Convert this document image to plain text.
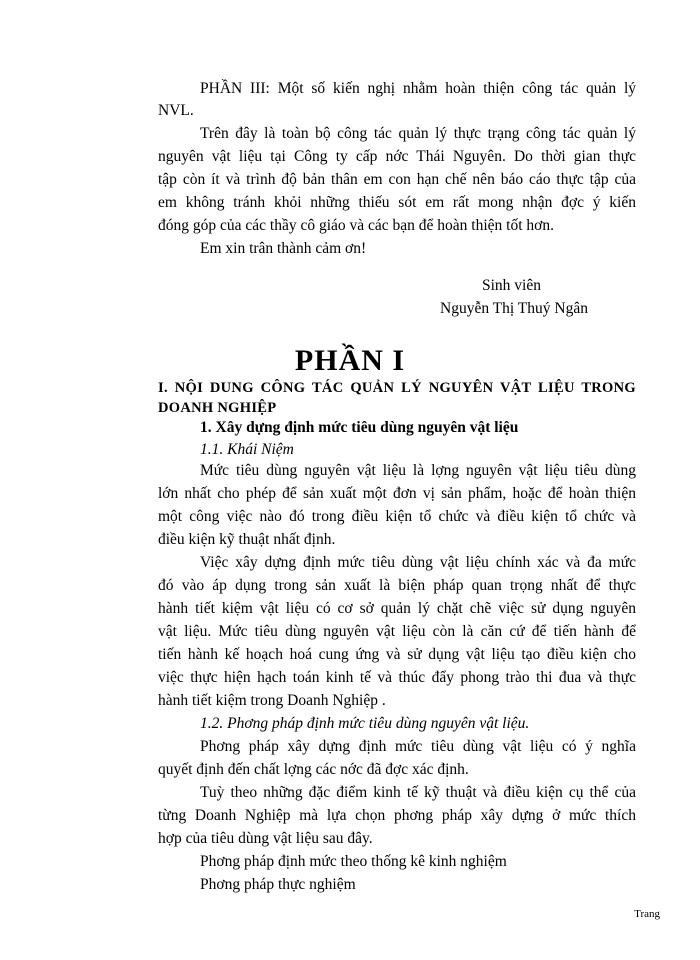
PHẦN III: Một số kiến nghị nhằm hoàn thiện công tác quản lý
NVL.
Trên đây là toàn bộ công tác quản lý thực trạng công tác quản lý
nguyên vật liệu tại Công ty cấp nớc Thái Nguyên. Do thời gian thực
tập còn ít và trình độ bản thân em con hạn chế nên báo cáo thực tập của
em không tránh khỏi những thiếu sót em rất mong nhận đợc ý kiến
đóng góp của các thầy cô giáo và các bạn để hoàn thiện tốt hơn.
Em xin trân thành cảm ơn!
Sinh viên
Nguyễn Thị Thuý Ngân
PHẦN I
I. NỘI DUNG CÔNG TÁC QUẢN LÝ NGUYÊN VẬT LIỆU TRONG
DOANH NGHIỆP
1. Xây dựng định mức tiêu dùng nguyên vật liệu
1.1. Khái Niệm
Mức tiêu dùng nguyên vật liệu là lợng nguyên vật liệu tiêu dùng
lớn nhất cho phép để sản xuất một đơn vị sản phẩm, hoặc để hoàn thiện
một công việc nào đó trong điều kiện tổ chức và điều kiện tổ chức và
điều kiện kỹ thuật nhất định.
Việc xây dựng định mức tiêu dùng vật liệu chính xác và đa mức
đó vào áp dụng trong sản xuất là biện pháp quan trọng nhất để thực
hành tiết kiệm vật liệu có cơ sở quản lý chặt chẽ việc sử dụng nguyên
vật liệu. Mức tiêu dùng nguyên vật liệu còn là căn cứ để tiến hành để
tiến hành kế hoạch hoá cung ứng và sử dụng vật liệu tạo điều kiện cho
việc thực hiện hạch toán kinh tế và thúc đẩy phong trào thi đua và thực
hành tiết kiệm trong Doanh Nghiệp .
1.2. Phơng pháp định mức tiêu dùng nguyên vật liệu.
Phơng pháp xây dựng định mức tiêu dùng vật liệu có ý nghĩa
quyết định đến chất lợng các nớc đã đợc xác định.
Tuỳ theo những đặc điểm kinh tế kỹ thuật và điều kiện cụ thể của
từng Doanh Nghiệp mà lựa chọn phơng pháp xây dựng ở mức thích
hợp của tiêu dùng vật liệu sau đây.
Phơng pháp định mức theo thống kê kinh nghiệm
Phơng pháp thực nghiệm
Trang
